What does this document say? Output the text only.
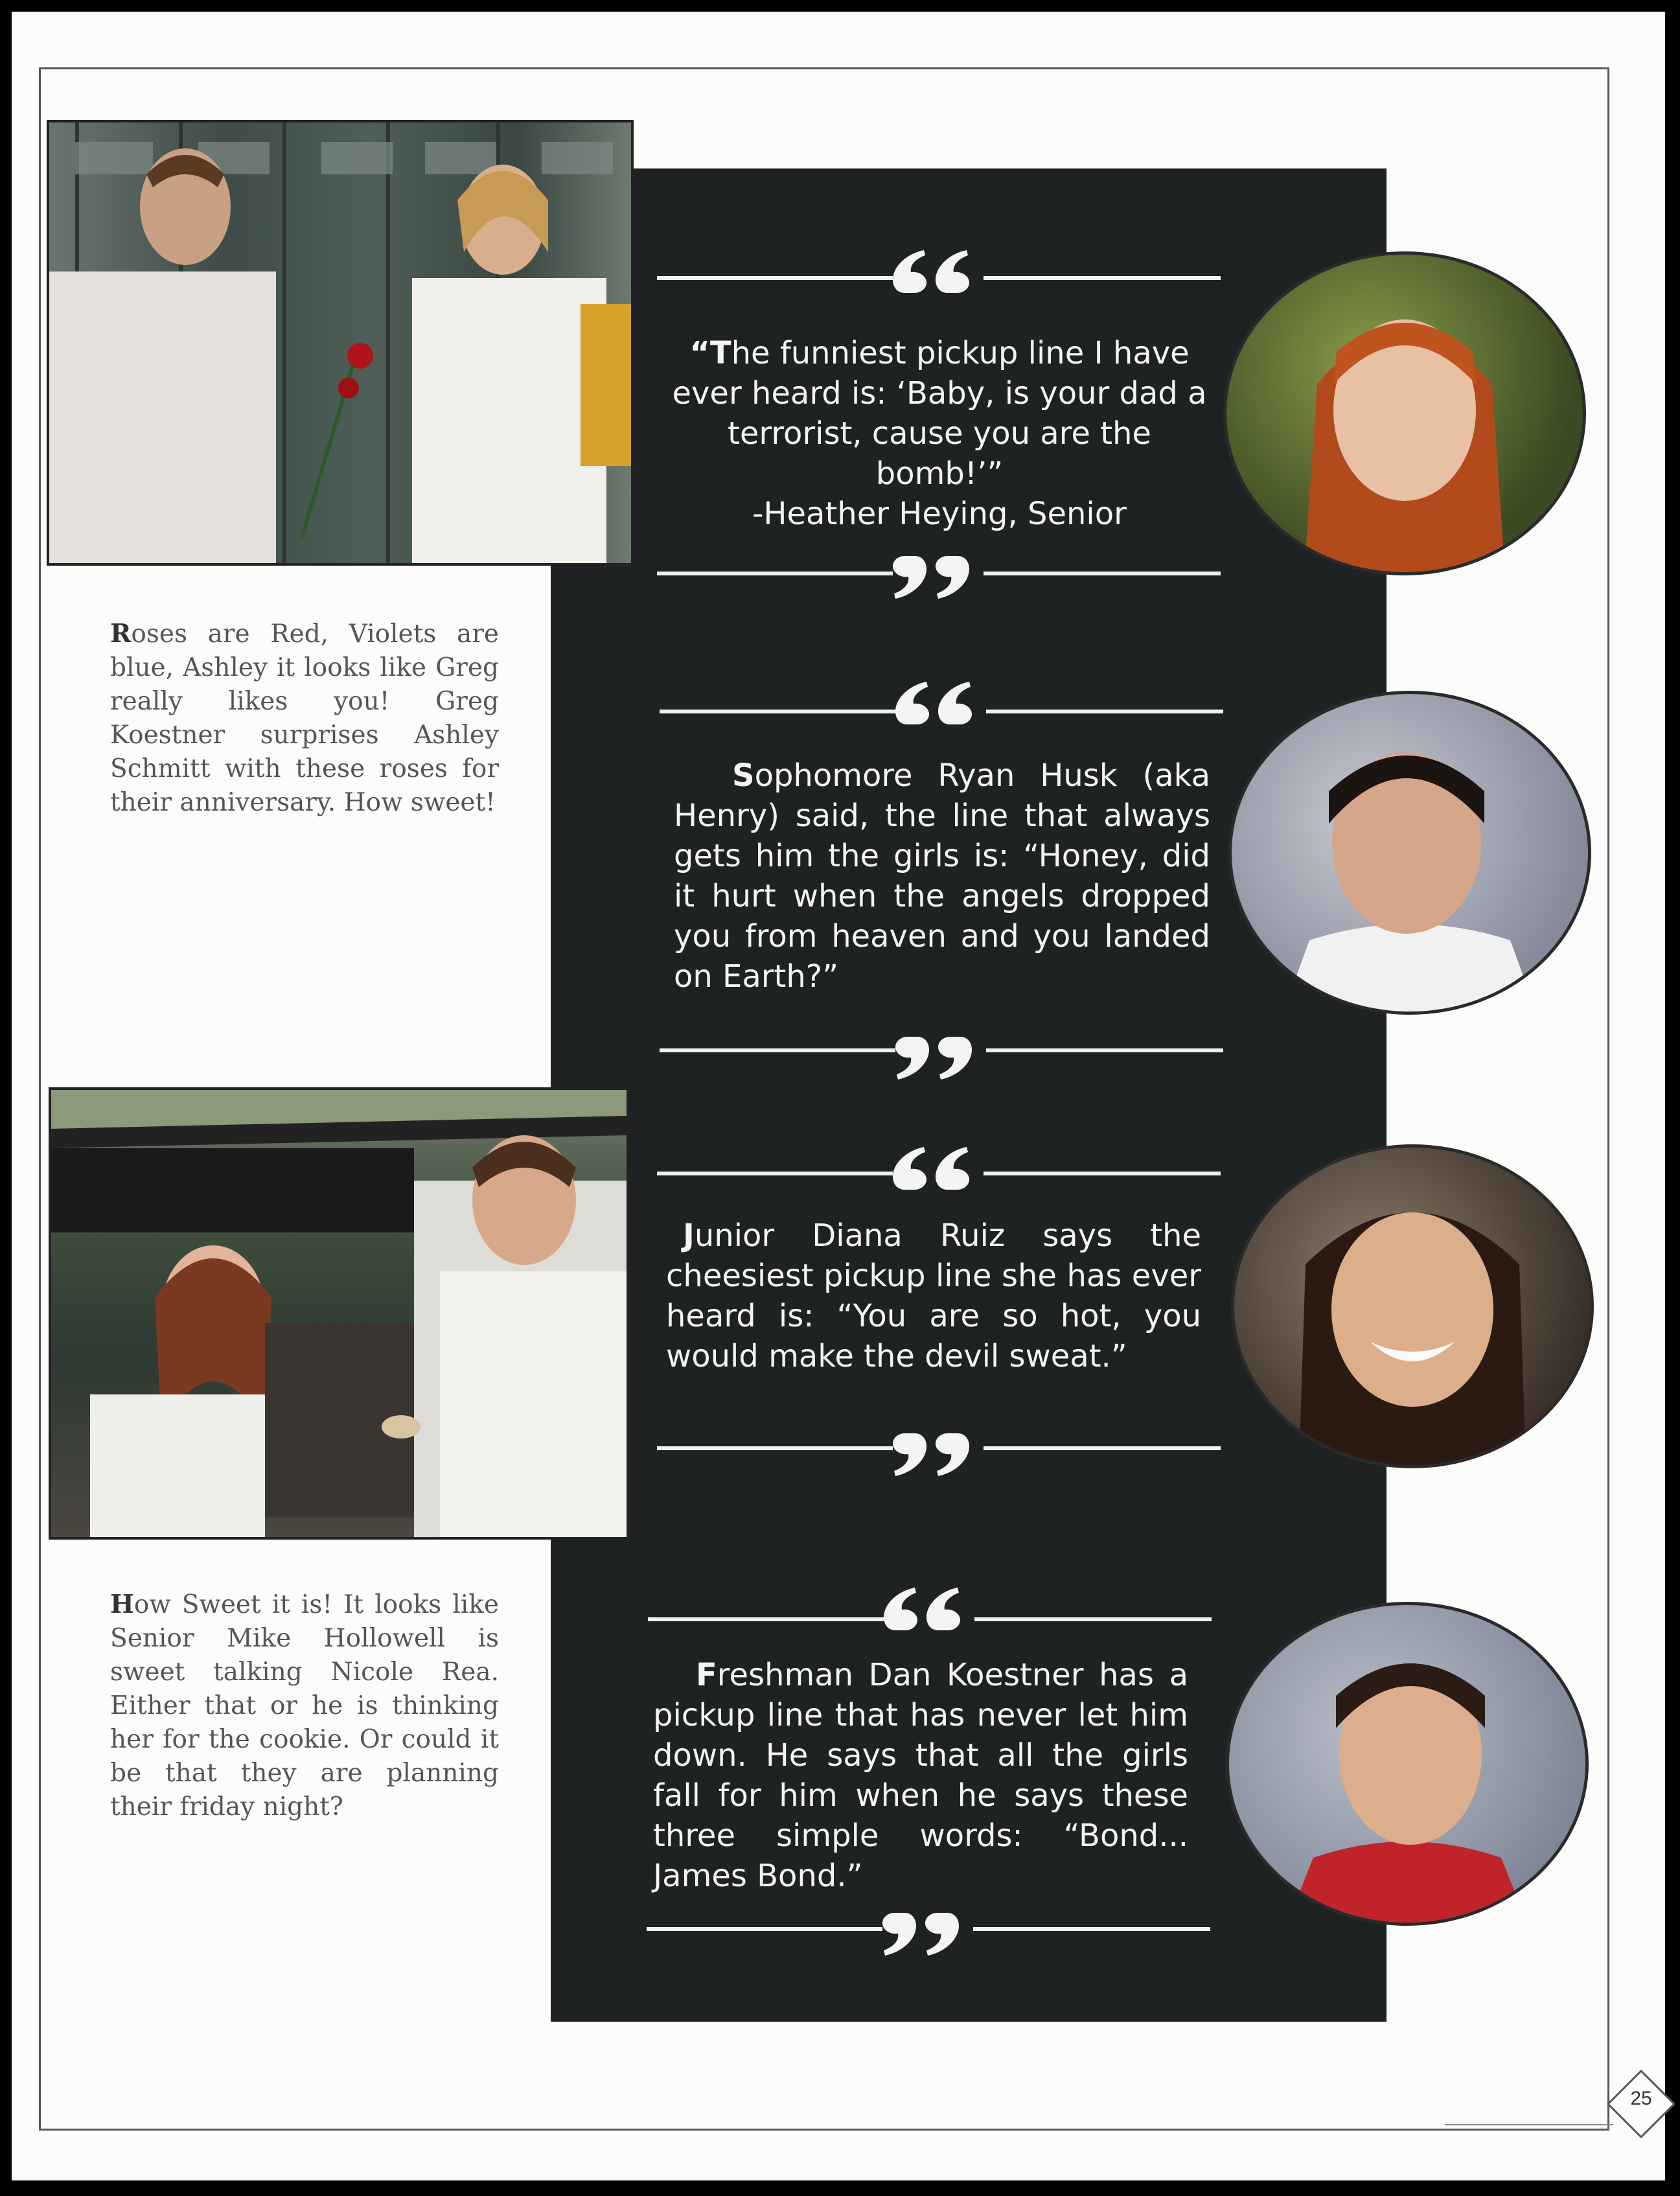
Roses are Red, Violets are blue, Ashley it looks like Greg really likes you! Greg Koestner surprises Ashley Schmitt with these roses for their anniversary. How sweet!
How Sweet it is! It looks like Senior Mike Hollowell is sweet talking Nicole Rea. Either that or he is thinking her for the cookie. Or could it be that they are planning their friday night?
“The funniest pickup line I have ever heard is: ‘Baby, is your dad a terrorist, cause you are the bomb!’”
-Heather Heying, Senior
Sophomore Ryan Husk (aka Henry) said, the line that always gets him the girls is: “Honey, did it hurt when the angels dropped you from heaven and you landed on Earth?”
Junior Diana Ruiz says the cheesiest pickup line she has ever heard is: “You are so hot, you would make the devil sweat.”
Freshman Dan Koestner has a pickup line that has never let him down. He says that all the girls fall for him when he says these three simple words: “Bond... James Bond.”
25
